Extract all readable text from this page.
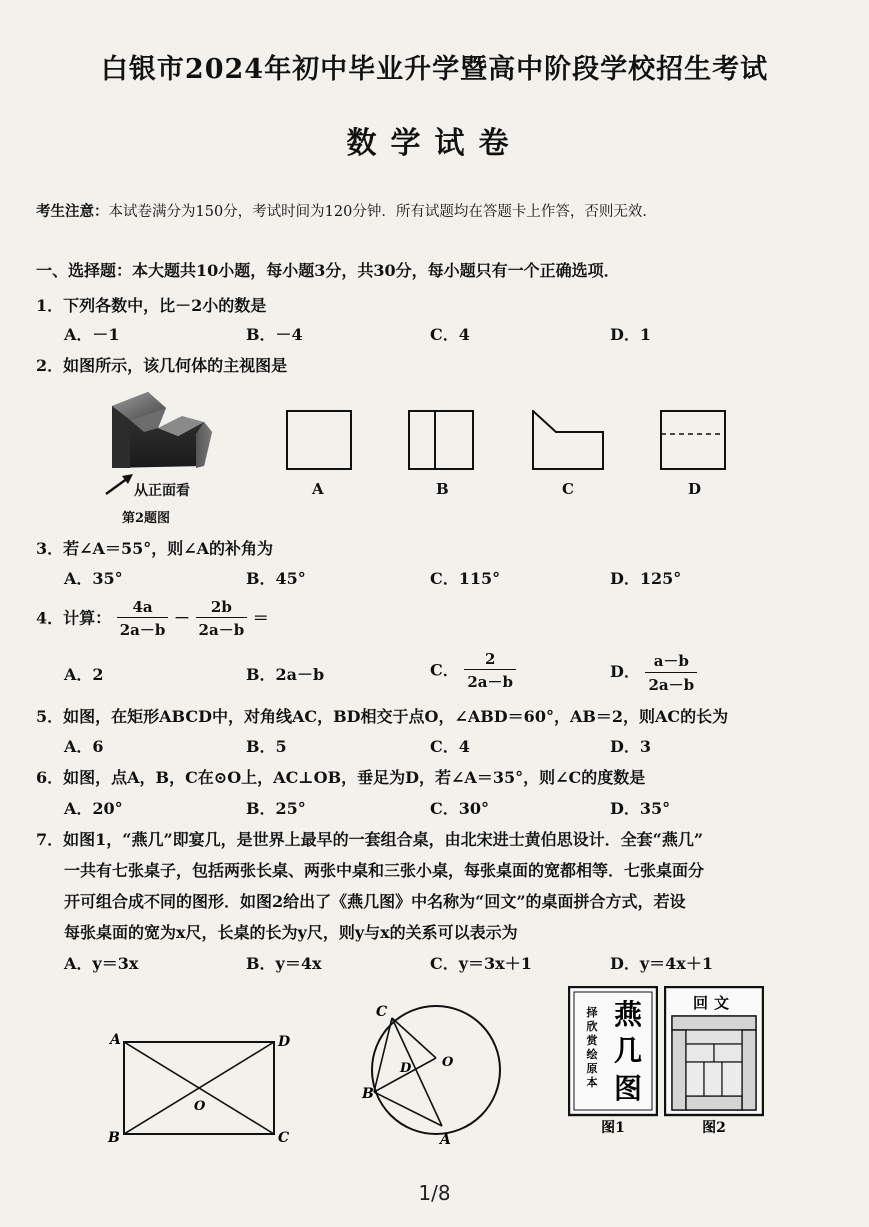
白银市2024年初中毕业升学暨高中阶段学校招生考试
数学试卷
考生注意：本试卷满分为150分，考试时间为120分钟．所有试题均在答题卡上作答，否则无效．
一、选择题：本大题共10小题，每小题3分，共30分，每小题只有一个正确选项．
1．下列各数中，比－2小的数是
A．－1	B．－4	C．4	D．1
2．如图所示，该几何体的主视图是
从正面看
第2题图
A	B	C	D
3．若∠A＝55°，则∠A的补角为
A．35°	B．45°	C．115°	D．125°
4．计算： $\frac{4a}{2a-b} - \frac{2b}{2a-b}$ ＝
A．2	B．2a－b	C． $\frac{2}{2a-b}$	D． $\frac{a-b}{2a-b}$
5．如图，在矩形ABCD中，对角线AC，BD相交于点O，∠ABD＝60°，AB＝2，则AC的长为
A．6	B．5	C．4	D．3
6．如图，点A，B，C在⊙O上，AC⊥OB，垂足为D，若∠A＝35°，则∠C的度数是
A．20°	B．25°	C．30°	D．35°
7．如图1，“燕几”即宴几，是世界上最早的一套组合桌，由北宋进士黄伯思设计．全套“燕几”
一共有七张桌子，包括两张长桌、两张中桌和三张小桌，每张桌面的宽都相等．七张桌面分
开可组合成不同的图形．如图2给出了《燕几图》中名称为“回文”的桌面拼合方式，若设
每张桌面的宽为x尺，长桌的长为y尺，则y与x的关系可以表示为
A．y＝3x	B．y＝4x	C．y＝3x＋1	D．y＝4x＋1
A	D
B	C
O
C
O
D
B
A
燕
几
图
择
欣
赏
绘
原
本
图1
回文
图2
1/8
